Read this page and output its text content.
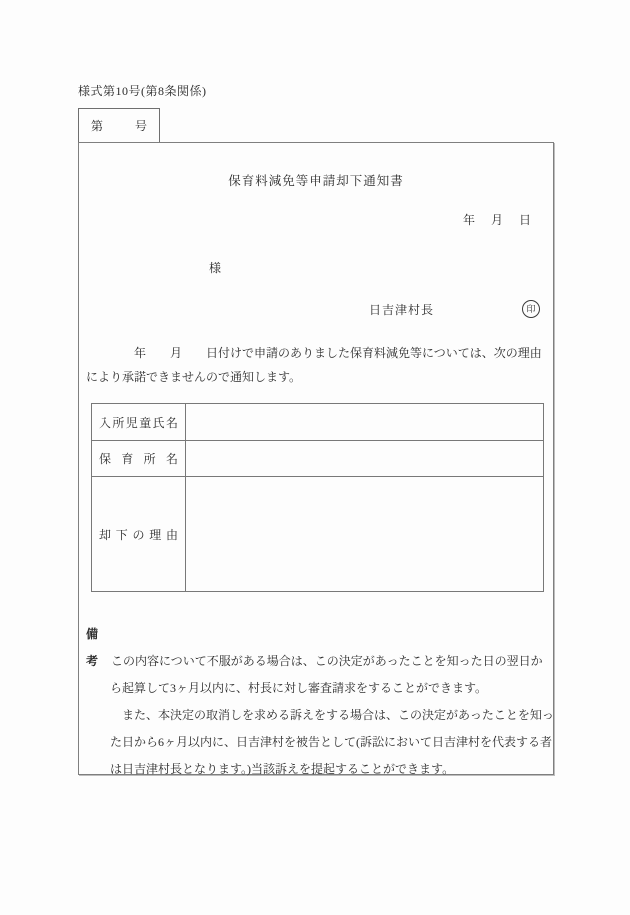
様式第10号(第8条関係)
第	号
保育料減免等申請却下通知書
年　月　日
様
日吉津村長	印
　　　　年　　月　　日付けで申請のありました保育料減免等については、次の理由
により承諾できませんので通知します。
入所児童氏名
保育所名
却下の理由
備考　この内容について不服がある場合は、この決定があったことを知った日の翌日か
　　ら起算して3ヶ月以内に、村長に対し審査請求をすることができます。
　　　また、本決定の取消しを求める訴えをする場合は、この決定があったことを知っ
　　た日から6ヶ月以内に、日吉津村を被告として(訴訟において日吉津村を代表する者
　　は日吉津村長となります。)当該訴えを提起することができます。
